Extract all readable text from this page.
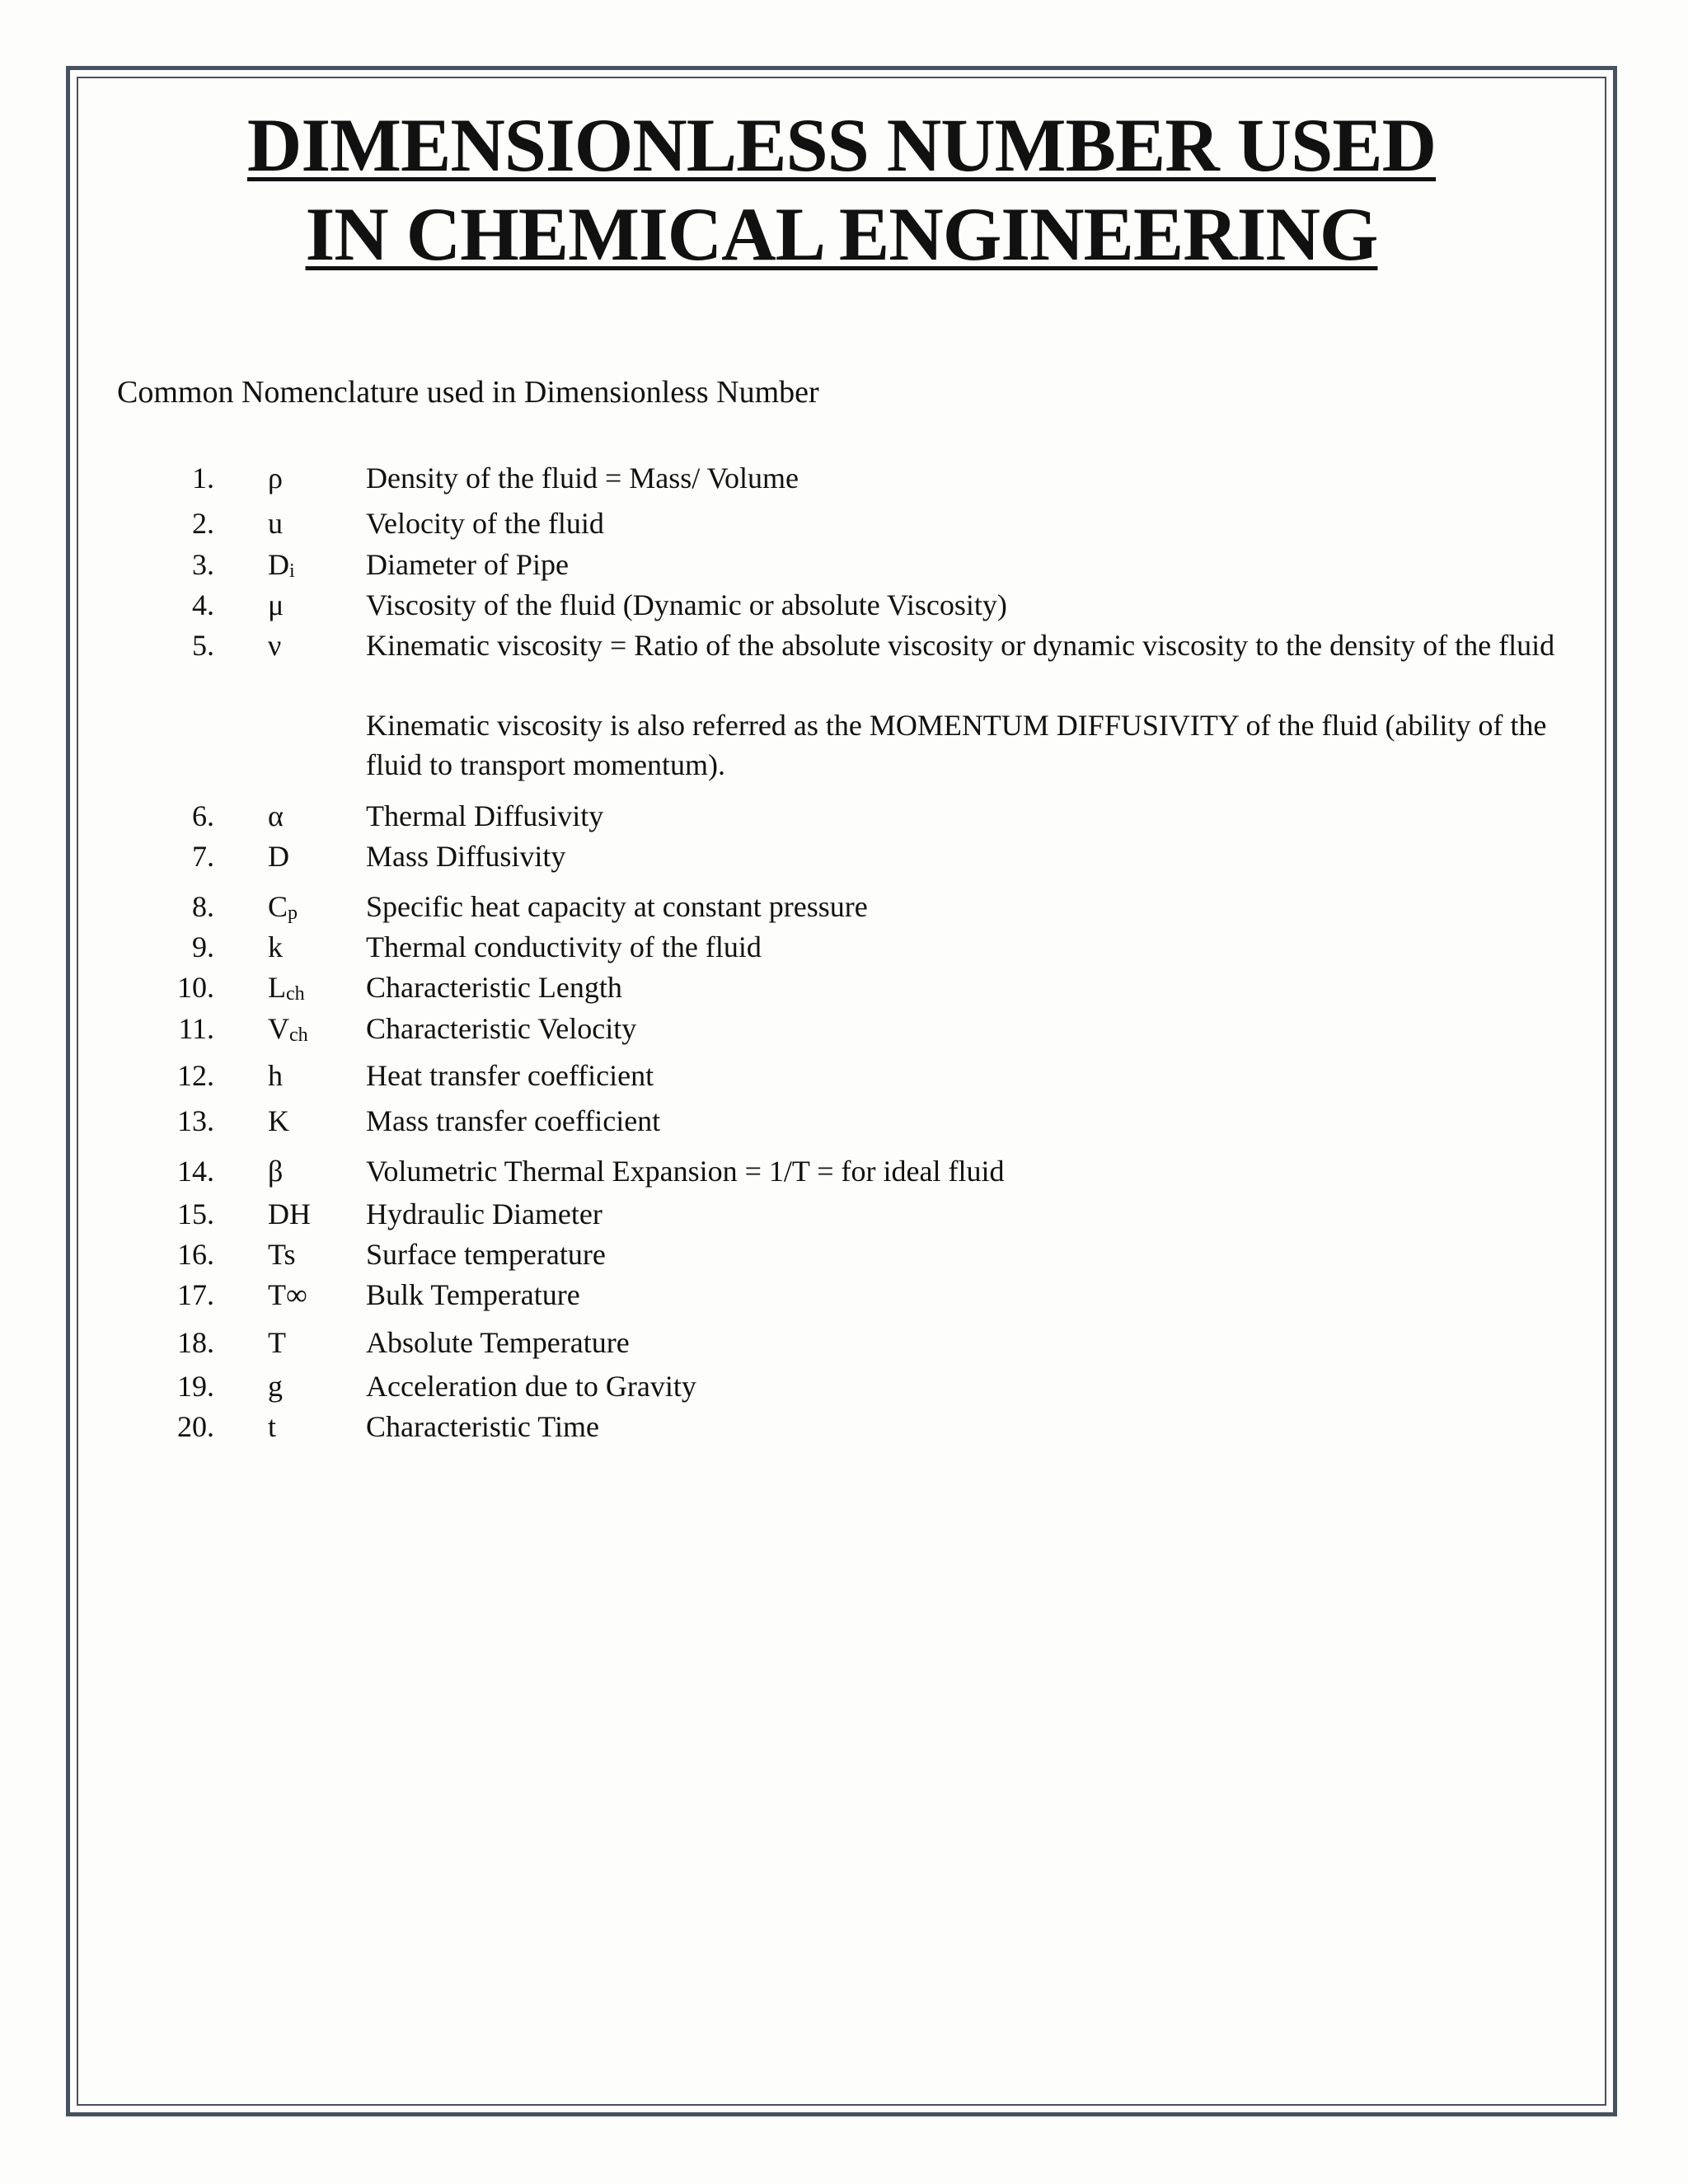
DIMENSIONLESS NUMBER USED
IN CHEMICAL ENGINEERING

Common Nomenclature used in Dimensionless Number

1. ρ	Density of the fluid = Mass/ Volume
2. u	Velocity of the fluid
3. $D_i$	Diameter of Pipe
4. μ	Viscosity of the fluid (Dynamic or absolute Viscosity)
5. ν	Kinematic viscosity = Ratio of the absolute viscosity or dynamic viscosity to the density of the fluid
6. α	Thermal Diffusivity
7. D	Mass Diffusivity
8. $C_p$	Specific heat capacity at constant pressure
9. k	Thermal conductivity of the fluid
10. $L_{ch}$	Characteristic Length
11. $V_{ch}$	Characteristic Velocity
12. h	Heat transfer coefficient
13. K	Mass transfer coefficient
14. β	Volumetric Thermal Expansion = 1/T = for ideal fluid
15. DH	Hydraulic Diameter
16. Ts	Surface temperature
17. T∞	Bulk Temperature
18. T	Absolute Temperature
19. g	Acceleration due to Gravity
20. t	Characteristic Time

Kinematic viscosity is also referred as the MOMENTUM DIFFUSIVITY of the fluid (ability of the fluid to transport momentum).
